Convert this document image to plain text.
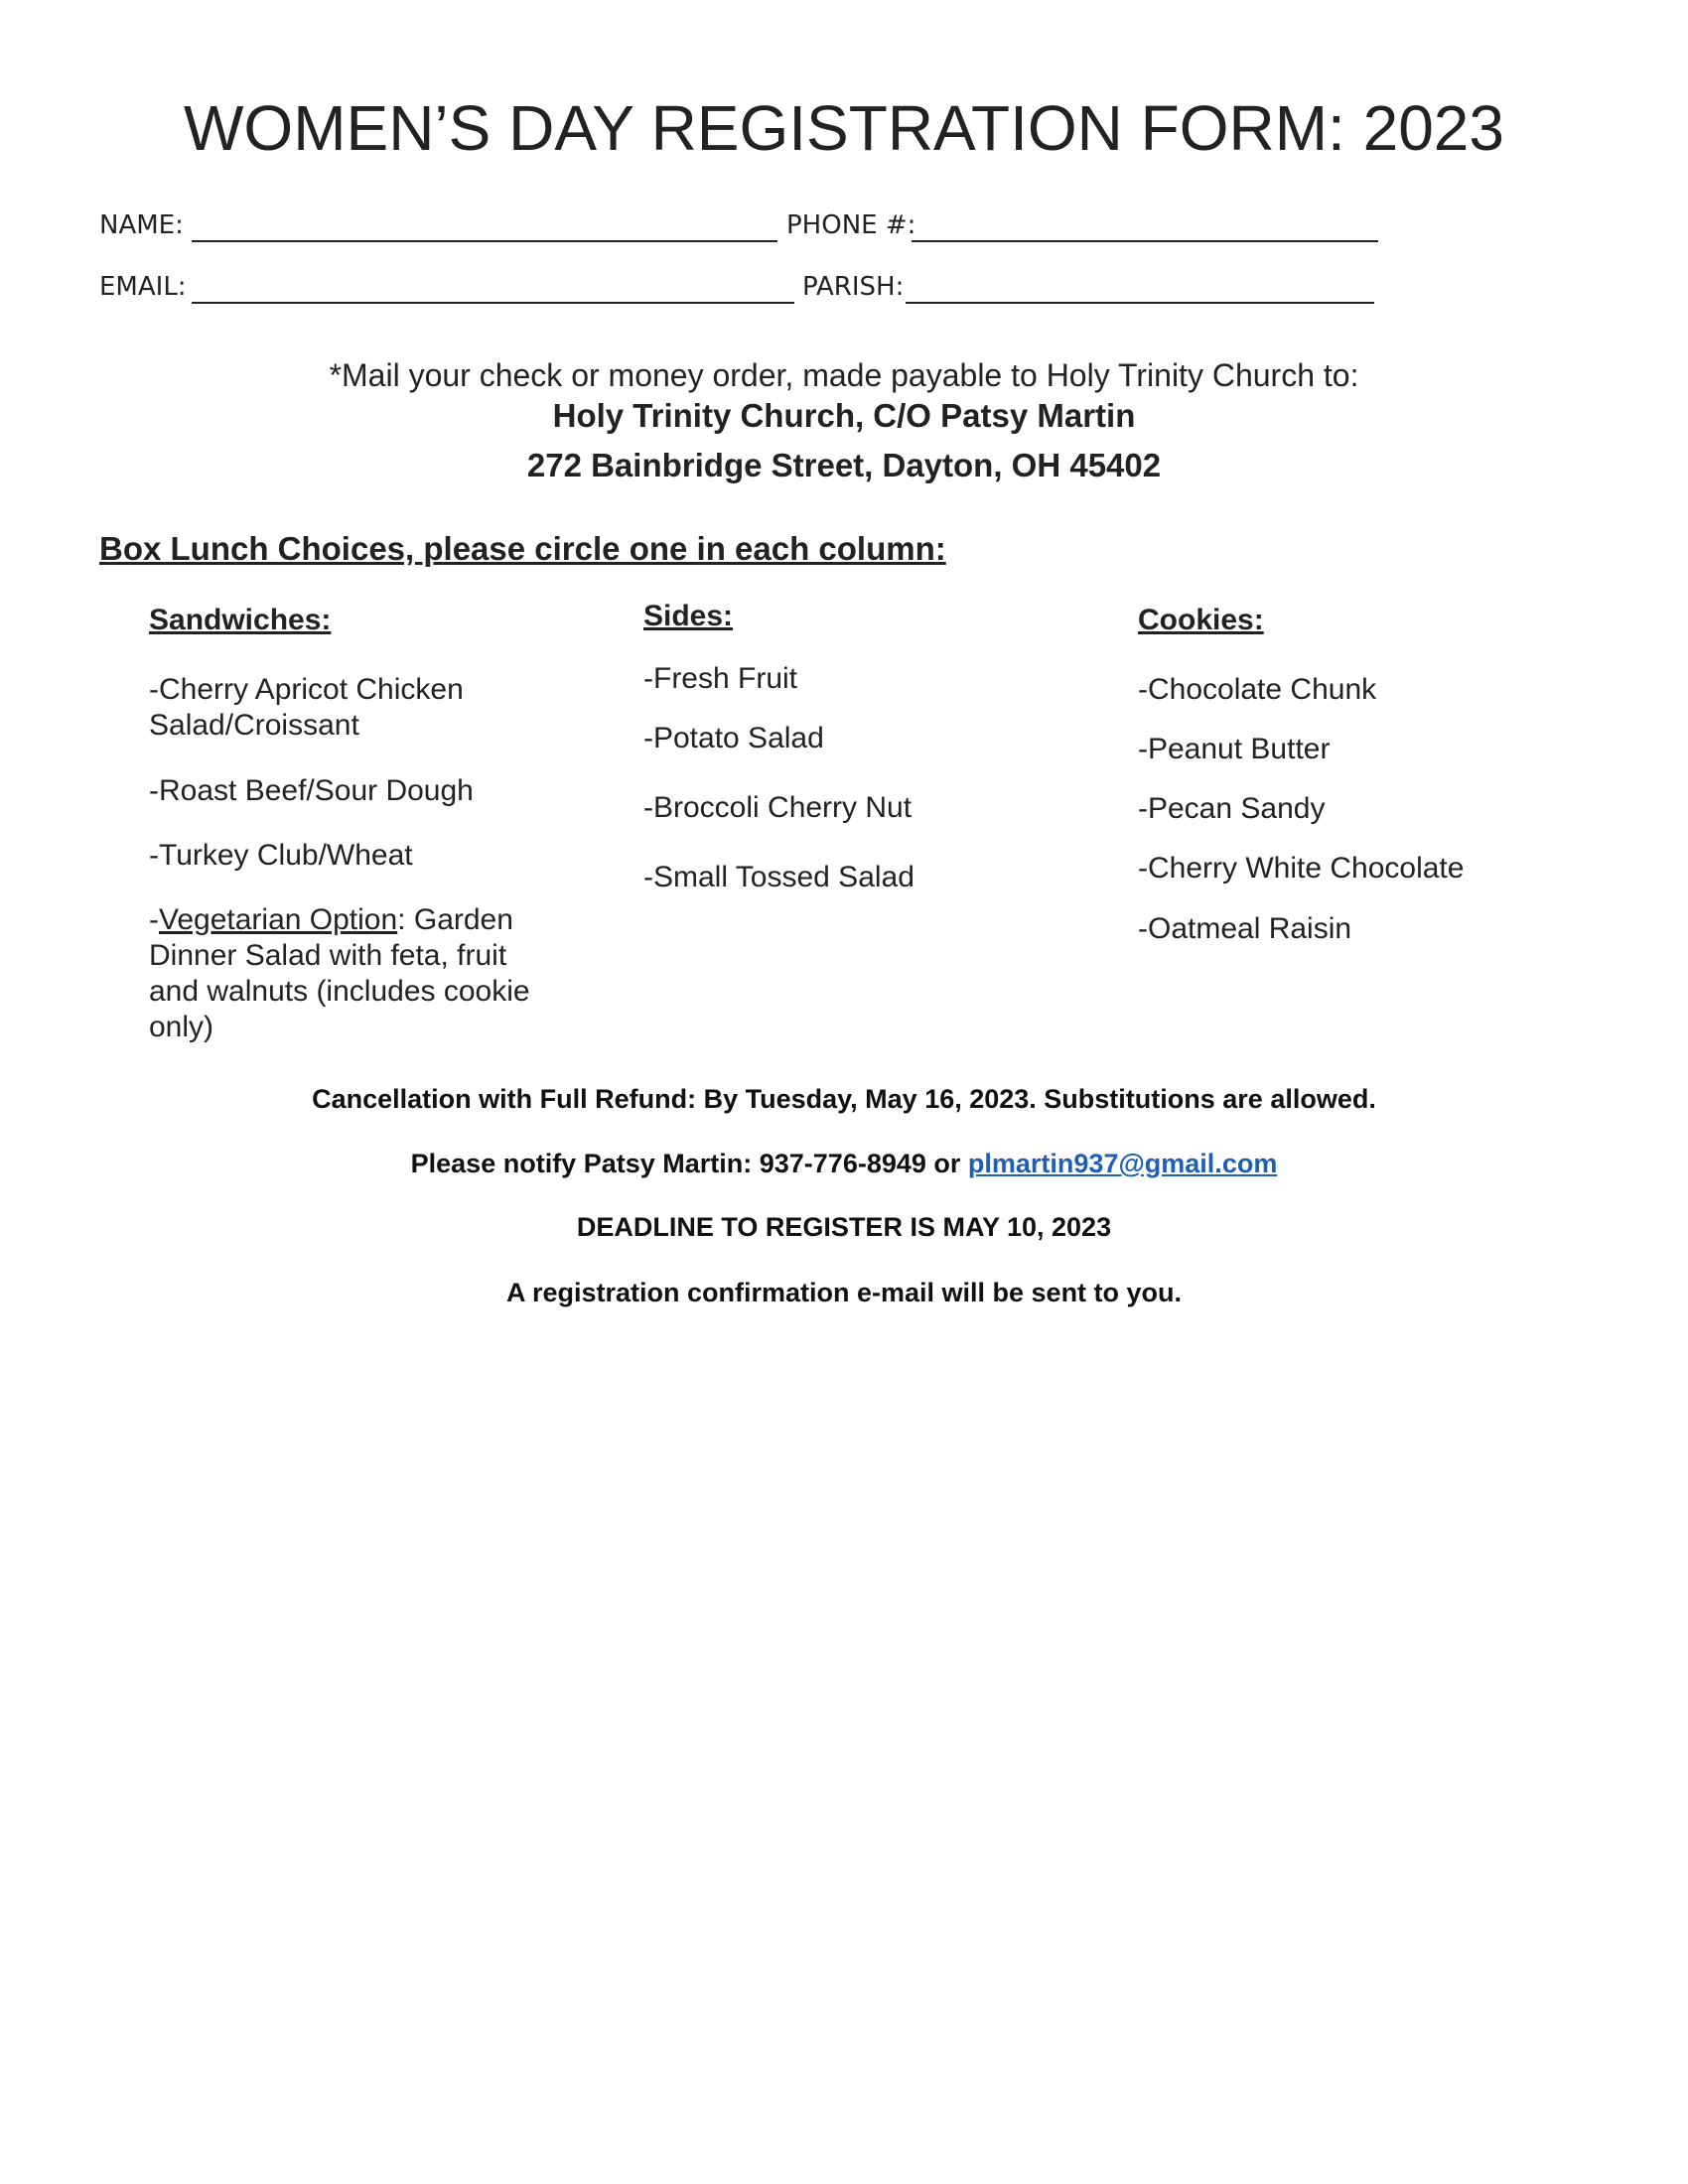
WOMEN’S DAY REGISTRATION FORM: 2023
NAME:	PHONE #:
EMAIL:	PARISH:
*Mail your check or money order, made payable to Holy Trinity Church to:
Holy Trinity Church, C/O Patsy Martin
272 Bainbridge Street, Dayton, OH 45402
Box Lunch Choices, please circle one in each column:
Sandwiches:
-Cherry Apricot Chicken Salad/Croissant
-Roast Beef/Sour Dough
-Turkey Club/Wheat
-Vegetarian Option: Garden Dinner Salad with feta, fruit and walnuts (includes cookie only)
Sides:
-Fresh Fruit
-Potato Salad
-Broccoli Cherry Nut
-Small Tossed Salad
Cookies:
-Chocolate Chunk
-Peanut Butter
-Pecan Sandy
-Cherry White Chocolate
-Oatmeal Raisin
Cancellation with Full Refund: By Tuesday, May 16, 2023. Substitutions are allowed.
Please notify Patsy Martin: 937-776-8949 or plmartin937@gmail.com
DEADLINE TO REGISTER IS MAY 10, 2023
A registration confirmation e-mail will be sent to you.
